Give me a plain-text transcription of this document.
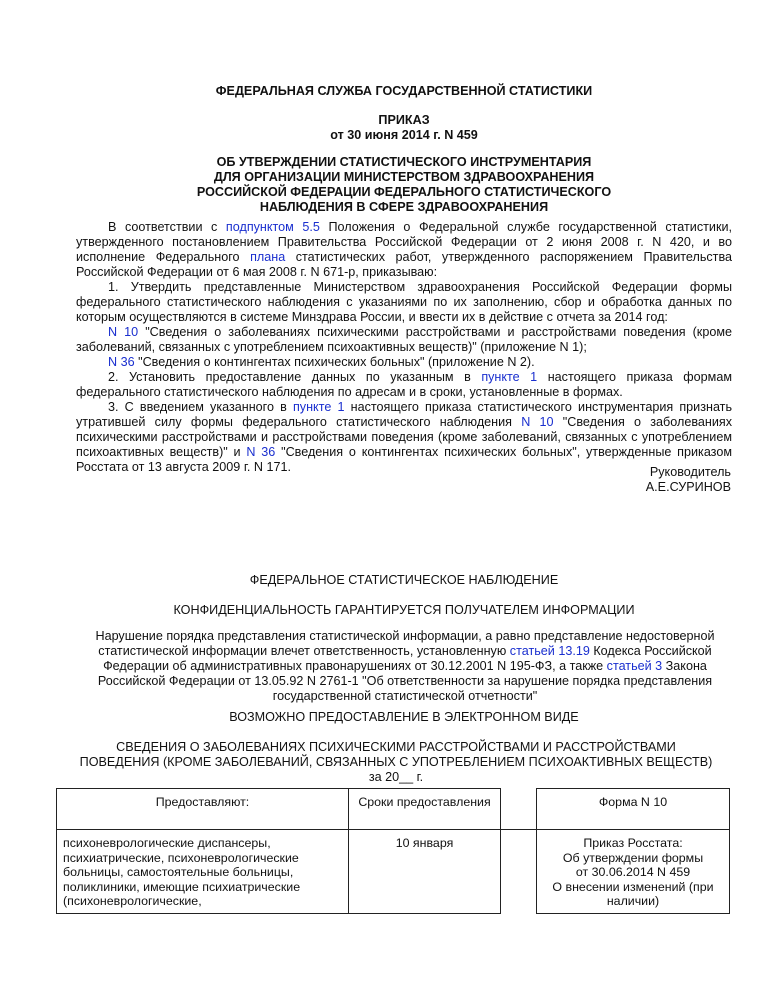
ФЕДЕРАЛЬНАЯ СЛУЖБА ГОСУДАРСТВЕННОЙ СТАТИСТИКИ
ПРИКАЗ
от 30 июня 2014 г. N 459
ОБ УТВЕРЖДЕНИИ СТАТИСТИЧЕСКОГО ИНСТРУМЕНТАРИЯ
ДЛЯ ОРГАНИЗАЦИИ МИНИСТЕРСТВОМ ЗДРАВООХРАНЕНИЯ
РОССИЙСКОЙ ФЕДЕРАЦИИ ФЕДЕРАЛЬНОГО СТАТИСТИЧЕСКОГО
НАБЛЮДЕНИЯ В СФЕРЕ ЗДРАВООХРАНЕНИЯ

В соответствии с подпунктом 5.5 Положения о Федеральной службе государственной статистики, утвержденного постановлением Правительства Российской Федерации от 2 июня 2008 г. N 420, и во исполнение Федерального плана статистических работ, утвержденного распоряжением Правительства Российской Федерации от 6 мая 2008 г. N 671-р, приказываю:

1. Утвердить представленные Министерством здравоохранения Российской Федерации формы федерального статистического наблюдения с указаниями по их заполнению, сбор и обработка данных по которым осуществляются в системе Минздрава России, и ввести их в действие с отчета за 2014 год:

N 10 "Сведения о заболеваниях психическими расстройствами и расстройствами поведения (кроме заболеваний, связанных с употреблением психоактивных веществ)" (приложение N 1);

N 36 "Сведения о контингентах психических больных" (приложение N 2).

2. Установить предоставление данных по указанным в пункте 1 настоящего приказа формам федерального статистического наблюдения по адресам и в сроки, установленные в формах.

3. С введением указанного в пункте 1 настоящего приказа статистического инструментария признать утратившей силу формы федерального статистического наблюдения N 10 "Сведения о заболеваниях психическими расстройствами и расстройствами поведения (кроме заболеваний, связанных с употреблением психоактивных веществ)" и N 36 "Сведения о контингентах психических больных", утвержденные приказом Росстата от 13 августа 2009 г. N 171.	Руководитель
А.Е.СУРИНОВ
ФЕДЕРАЛЬНОЕ СТАТИСТИЧЕСКОЕ НАБЛЮДЕНИЕ
КОНФИДЕНЦИАЛЬНОСТЬ ГАРАНТИРУЕТСЯ ПОЛУЧАТЕЛЕМ ИНФОРМАЦИИ
Нарушение порядка представления статистической информации, а равно представление недостоверной статистической информации влечет ответственность, установленную статьей 13.19 Кодекса Российской Федерации об административных правонарушениях от 30.12.2001 N 195-ФЗ, а также статьей 3 Закона Российской Федерации от 13.05.92 N 2761-1 "Об ответственности за нарушение порядка представления государственной статистической отчетности"
ВОЗМОЖНО ПРЕДОСТАВЛЕНИЕ В ЭЛЕКТРОННОМ ВИДЕ
СВЕДЕНИЯ О ЗАБОЛЕВАНИЯХ ПСИХИЧЕСКИМИ РАССТРОЙСТВАМИ И РАССТРОЙСТВАМИ
ПОВЕДЕНИЯ (КРОМЕ ЗАБОЛЕВАНИЙ, СВЯЗАННЫХ С УПОТРЕБЛЕНИЕМ ПСИХОАКТИВНЫХ ВЕЩЕСТВ)
за 20__ г.
Предоставляют:	Сроки предоставления		Форма N 10
психоневрологические диспансеры, психиатрические, психоневрологические больницы, самостоятельные больницы, поликлиники, имеющие психиатрические (психоневрологические,	10 января		Приказ Росстата:
Об утверждении формы
от 30.06.2014 N 459
О внесении изменений (при наличии)
